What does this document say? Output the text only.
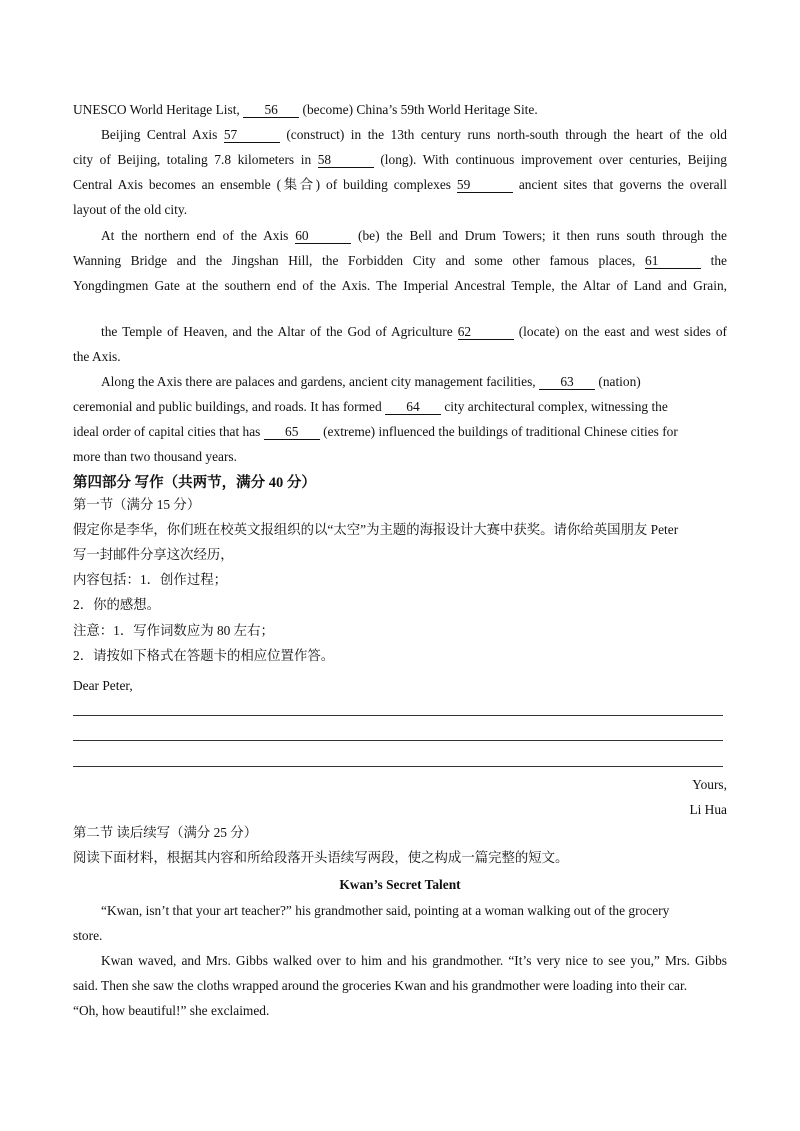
UNESCO World Heritage List, 56 (become) China’s 59th World Heritage Site.
Beijing Central Axis 57	(construct) in the 13th century runs north-south through the heart of the old
city of Beijing, totaling 7.8 kilometers in 58	(long). With continuous improvement over centuries, Beijing
Central Axis becomes an ensemble (集合) of building complexes 59	ancient sites that governs the overall
layout of the old city.
At the northern end of the Axis 60	(be) the Bell and Drum Towers; it then runs south through the
Wanning Bridge and the Jingshan Hill, the Forbidden City and some other famous places, 61	the
Yongdingmen Gate at the southern end of the Axis. The Imperial Ancestral Temple, the Altar of Land and Grain,
the Temple of Heaven, and the Altar of the God of Agriculture 62	(locate) on the east and west sides of
the Axis.
Along the Axis there are palaces and gardens, ancient city management facilities, 63 (nation)
ceremonial and public buildings, and roads. It has formed 64 city architectural complex, witnessing the
ideal order of capital cities that has 65 (extreme) influenced the buildings of traditional Chinese cities for
more than two thousand years.
第四部分 写作（共两节，满分 40 分）
第一节（满分 15 分）
假定你是李华，你们班在校英文报组织的以“太空”为主题的海报设计大赛中获奖。请你给英国朋友 Peter
写一封邮件分享这次经历，
内容包括：1．创作过程；
2．你的感想。
注意：1．写作词数应为 80 左右；
2．请按如下格式在答题卡的相应位置作答。
Dear Peter,
Yours,
Li Hua
第二节 读后续写（满分 25 分）
阅读下面材料，根据其内容和所给段落开头语续写两段，使之构成一篇完整的短文。
Kwan’s Secret Talent
“Kwan, isn’t that your art teacher?” his grandmother said, pointing at a woman walking out of the grocery
store.
Kwan waved, and Mrs. Gibbs walked over to him and his grandmother. “It’s very nice to see you,” Mrs. Gibbs
said. Then she saw the cloths wrapped around the groceries Kwan and his grandmother were loading into their car.
“Oh, how beautiful!” she exclaimed.
